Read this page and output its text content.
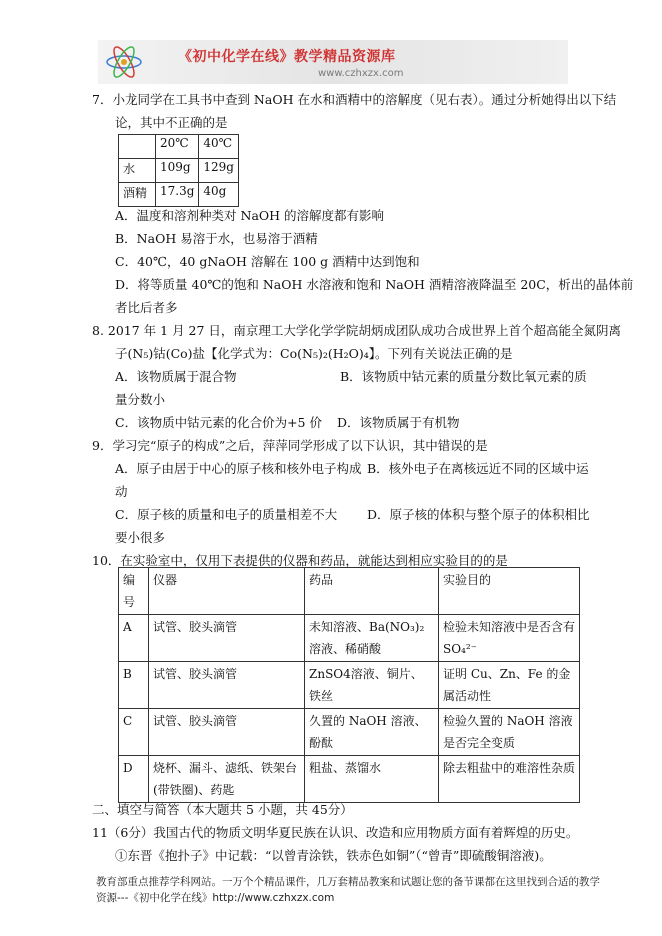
《初中化学在线》教学精品资源库
www.czhxzx.com
7．小龙同学在工具书中查到 NaOH 在水和酒精中的溶解度（见右表）。通过分析她得出以下结
论，其中不正确的是
	20℃	40℃
水	109g	129g
酒精	17.3g	40g
A．温度和溶剂种类对 NaOH 的溶解度都有影响
B．NaOH 易溶于水，也易溶于酒精
C．40℃，40 gNaOH 溶解在 100 g 酒精中达到饱和
D．将等质量 40℃的饱和 NaOH 水溶液和饱和 NaOH 酒精溶液降温至 20C，析出的晶体前
者比后者多
8. 2017 年 1 月 27 日，南京理工大学化学学院胡炳成团队成功合成世界上首个超高能全氮阴离
子(N₅)钴(Co)盐【化学式为：Co(N₅)₂(H₂O)₄】。下列有关说法正确的是
A．该物质属于混合物	B．该物质中钴元素的质量分数比氧元素的质
量分数小
C．该物质中钴元素的化合价为+5 价 D．该物质属于有机物
9．学习完“原子的构成”之后，萍萍同学形成了以下认识，其中错误的是
A．原子由居于中心的原子核和核外电子构成 B．核外电子在离核远近不同的区域中运
动
C．原子核的质量和电子的质量相差不大 D．原子核的体积与整个原子的体积相比
要小很多
10．在实验室中，仅用下表提供的仪器和药品，就能达到相应实验目的的是
编号	仪器	药品	实验目的
A	试管、胶头滴管	未知溶液、Ba(NO₃)₂溶液、稀硝酸	检验未知溶液中是否含有 SO₄²⁻
B	试管、胶头滴管	ZnSO4溶液、铜片、铁丝	证明 Cu、Zn、Fe 的金属活动性
C	试管、胶头滴管	久置的 NaOH 溶液、酚酞	检验久置的 NaOH 溶液是否完全变质
D	烧杯、漏斗、滤纸、铁架台(带铁圈)、药匙	粗盐、蒸馏水	除去粗盐中的难溶性杂质
二、填空与简答（本大题共 5 小题，共 45分）
11（6分）我国古代的物质文明华夏民族在认识、改造和应用物质方面有着辉煌的历史。
①东晋《抱扑子》中记载：“以曾青涂铁，铁赤色如铜”（“曾青”即硫酸铜溶液)。
教育部重点推荐学科网站。一万个个精品课件，几万套精品教案和试题让您的备节课都在这里找到合适的教学
资源---《初中化学在线》http://www.czhxzx.com
